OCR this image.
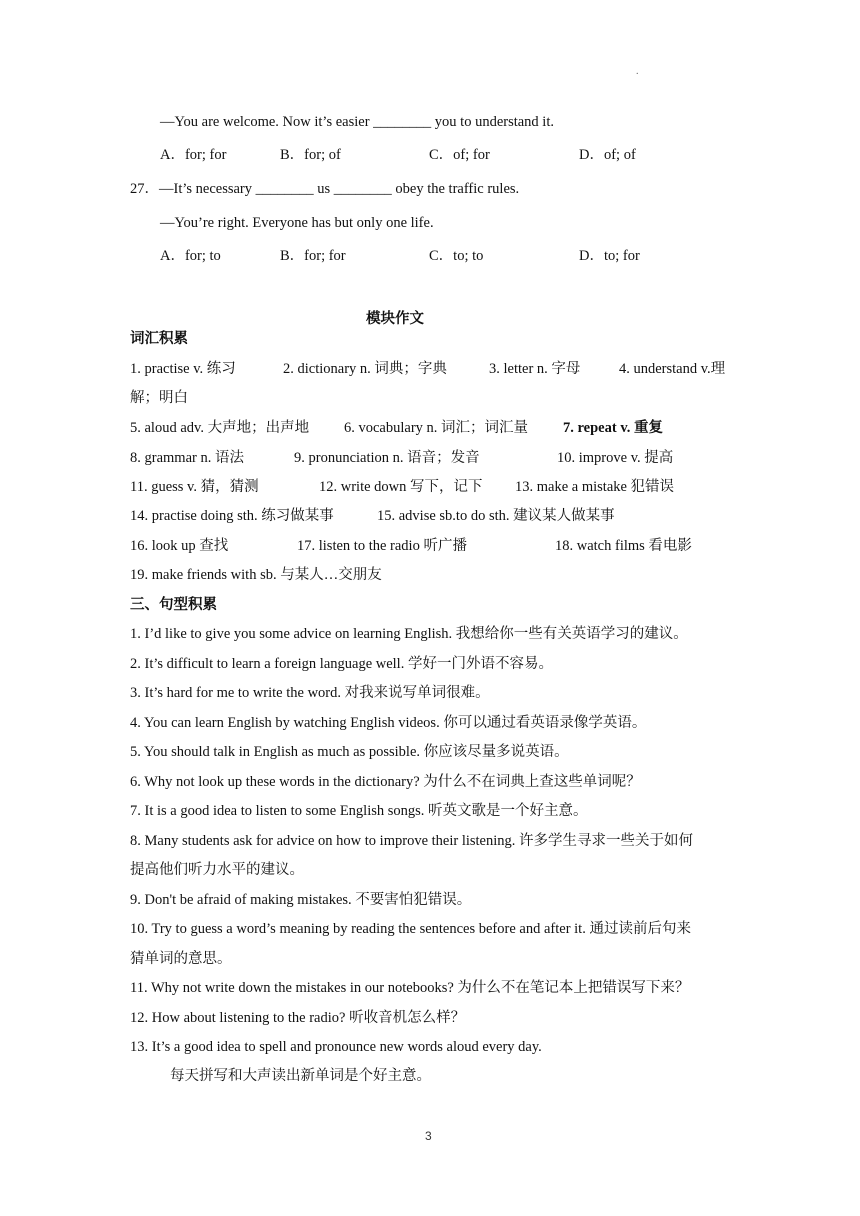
.
—You are welcome. Now it’s easier ________ you to understand it.
A．for; for	B．for; of	C．of; for	D．of; of
27．—It’s necessary ________ us ________ obey the traffic rules.
—You’re right. Everyone has but only one life.
A．for; to	B．for; for	C．to; to	D．to; for
模块作文
词汇积累
1. practise v. 练习	2. dictionary n. 词典；字典	3. letter n. 字母	4. understand v.理
解；明白
5. aloud adv. 大声地；出声地 6. vocabulary n. 词汇；词汇量 7. repeat v. 重复
8. grammar n. 语法	9. pronunciation n. 语音；发音	10. improve v. 提高
11. guess v. 猜，猜测	12. write down 写下，记下 13. make a mistake 犯错误
14. practise doing sth. 练习做某事	15. advise sb.to do sth. 建议某人做某事
16. look up 查找	17. listen to the radio 听广播	18. watch films 看电影
19. make friends with sb. 与某人…交朋友
三、句型积累
1. I’d like to give you some advice on learning English. 我想给你一些有关英语学习的建议。
2. It’s difficult to learn a foreign language well. 学好一门外语不容易。
3. It’s hard for me to write the word. 对我来说写单词很难。
4. You can learn English by watching English videos. 你可以通过看英语录像学英语。
5. You should talk in English as much as possible. 你应该尽量多说英语。
6. Why not look up these words in the dictionary? 为什么不在词典上查这些单词呢？
7. It is a good idea to listen to some English songs. 听英文歌是一个好主意。
8. Many students ask for advice on how to improve their listening. 许多学生寻求一些关于如何
提高他们听力水平的建议。
9. Don't be afraid of making mistakes. 不要害怕犯错误。
10. Try to guess a word’s meaning by reading the sentences before and after it. 通过读前后句来
猜单词的意思。
11. Why not write down the mistakes in our notebooks? 为什么不在笔记本上把错误写下来？
12. How about listening to the radio? 听收音机怎么样？
13. It’s a good idea to spell and pronounce new words aloud every day.
每天拼写和大声读出新单词是个好主意。
3
